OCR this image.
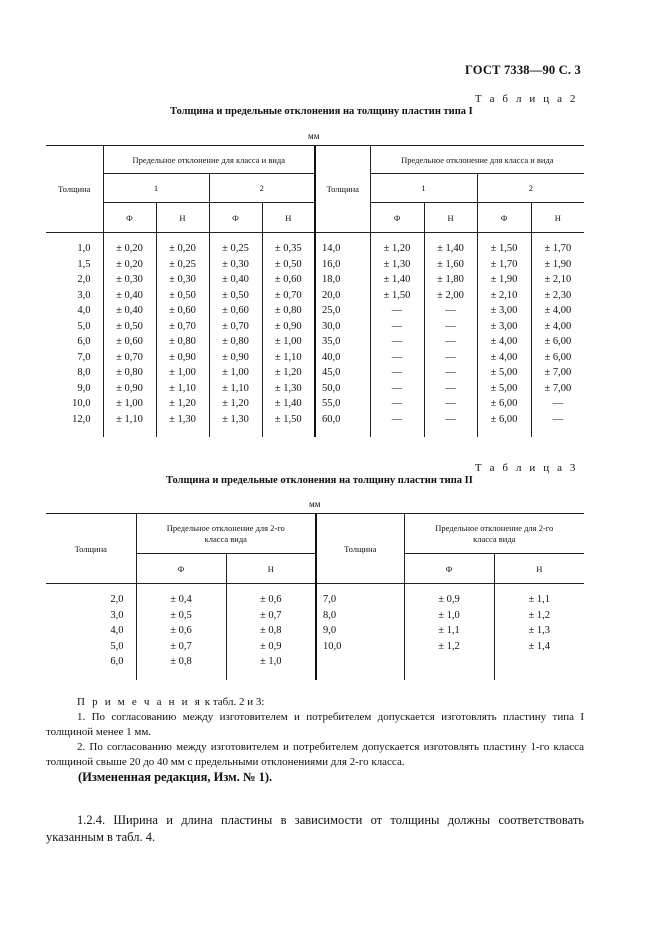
ГОСТ 7338—90 С. 3
Т а б л и ц а 2
Толщина и предельные отклонения на толщину пластин типа I
мм
Толщина	Предельное отклонение для класса и вида				Толщина	Предельное отклонение для класса и вида			
	1		2			1		2	
	Ф	Н	Ф	Н		Ф	Н	Ф	Н

1,0	± 0,20	± 0,20	± 0,25	± 0,35	14,0	± 1,20	± 1,40	± 1,50	± 1,70
1,5	± 0,20	± 0,25	± 0,30	± 0,50	16,0	± 1,30	± 1,60	± 1,70	± 1,90
2,0	± 0,30	± 0,30	± 0,40	± 0,60	18,0	± 1,40	± 1,80	± 1,90	± 2,10
3,0	± 0,40	± 0,50	± 0,50	± 0,70	20,0	± 1,50	± 2,00	± 2,10	± 2,30
4,0	± 0,40	± 0,60	± 0,60	± 0,80	25,0	—	—	± 3,00	± 4,00
5,0	± 0,50	± 0,70	± 0,70	± 0,90	30,0	—	—	± 3,00	± 4,00
6,0	± 0,60	± 0,80	± 0,80	± 1,00	35,0	—	—	± 4,00	± 6,00
7,0	± 0,70	± 0,90	± 0,90	± 1,10	40,0	—	—	± 4,00	± 6,00
8,0	± 0,80	± 1,00	± 1,00	± 1,20	45,0	—	—	± 5,00	± 7,00
9,0	± 0,90	± 1,10	± 1,10	± 1,30	50,0	—	—	± 5,00	± 7,00
10,0	± 1,00	± 1,20	± 1,20	± 1,40	55,0	—	—	± 6,00	—
12,0	± 1,10	± 1,30	± 1,30	± 1,50	60,0	—	—	± 6,00	—

Т а б л и ц а 3
Толщина и предельные отклонения на толщину пластин типа II
мм
Толщина	Предельное отклонение для 2-го класса вида		Толщина	Предельное отклонение для 2-го класса вида	
	Ф	Н		Ф	Н

2,0	± 0,4	± 0,6	7,0	± 0,9	± 1,1
3,0	± 0,5	± 0,7	8,0	± 1,0	± 1,2
4,0	± 0,6	± 0,8	9,0	± 1,1	± 1,3
5,0	± 0,7	± 0,9	10,0	± 1,2	± 1,4
6,0	± 0,8	± 1,0			

П р и м е ч а н и я к табл. 2 и 3:
1. По согласованию между изготовителем и потребителем допускается изготовлять пластину типа I толщиной менее 1 мм.
2. По согласованию между изготовителем и потребителем допускается изготовлять пластину 1-го класса толщиной свыше 20 до 40 мм с предельными отклонениями для 2-го класса.
(Измененная редакция, Изм. № 1).
1.2.4. Ширина и длина пластины в зависимости от толщины должны соответствовать указанным в табл. 4.
